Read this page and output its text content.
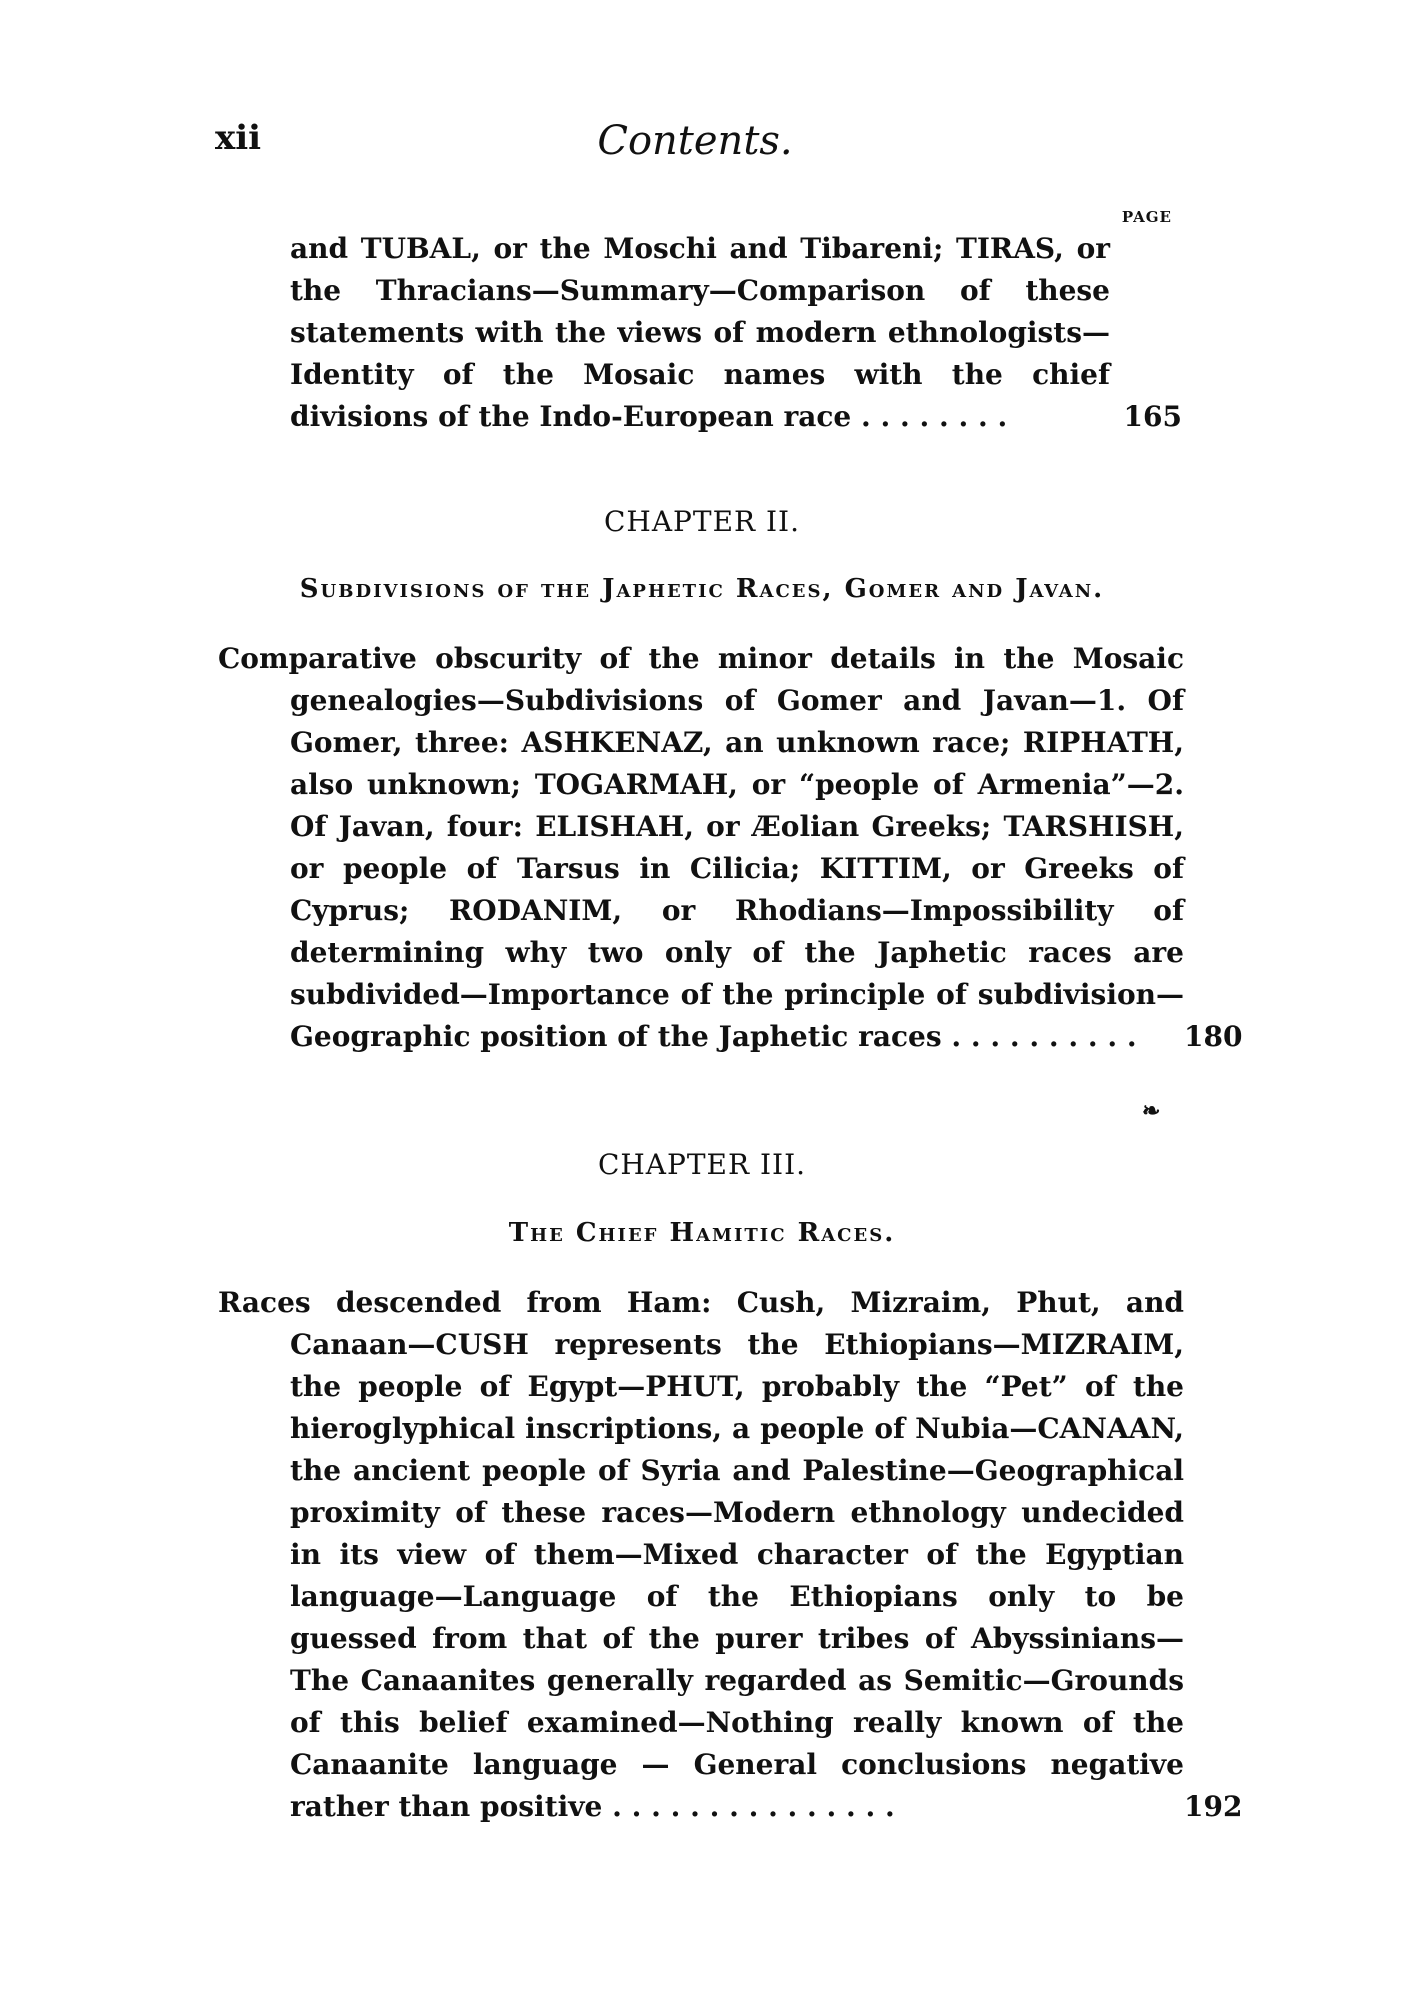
xii	Contents.
PAGE
and TUBAL, or the Moschi and Tibareni; TIRAS, or the Thracians—Summary—Comparison of these statements with the views of modern ethnologists—Identity of the Mosaic names with the chief divisions of the Indo-European race . . . . . . . .	165
CHAPTER II.
Subdivisions of the Japhetic Races, Gomer and Javan.
Comparative obscurity of the minor details in the Mosaic genealogies—Subdivisions of Gomer and Javan—1. Of Gomer, three: ASHKENAZ, an unknown race; RIPHATH, also unknown; TOGARMAH, or “people of Armenia”—2. Of Javan, four: ELISHAH, or Æolian Greeks; TARSHISH, or people of Tarsus in Cilicia; KITTIM, or Greeks of Cyprus; RODANIM, or Rhodians—Impossibility of determining why two only of the Japhetic races are subdivided—Importance of the principle of subdivision—Geographic position of the Japhetic races . . . . . . . . . . 180
❧
CHAPTER III.
The Chief Hamitic Races.
Races descended from Ham: Cush, Mizraim, Phut, and Canaan—CUSH represents the Ethiopians—MIZRAIM, the people of Egypt—PHUT, probably the “Pet” of the hieroglyphical inscriptions, a people of Nubia—CANAAN, the ancient people of Syria and Palestine—Geographical proximity of these races—Modern ethnology undecided in its view of them—Mixed character of the Egyptian language—Language of the Ethiopians only to be guessed from that of the purer tribes of Abyssinians—The Canaanites generally regarded as Semitic—Grounds of this belief examined—Nothing really known of the Canaanite language — General conclusions negative rather than positive . . . . . . . . . . . . . . .	192
